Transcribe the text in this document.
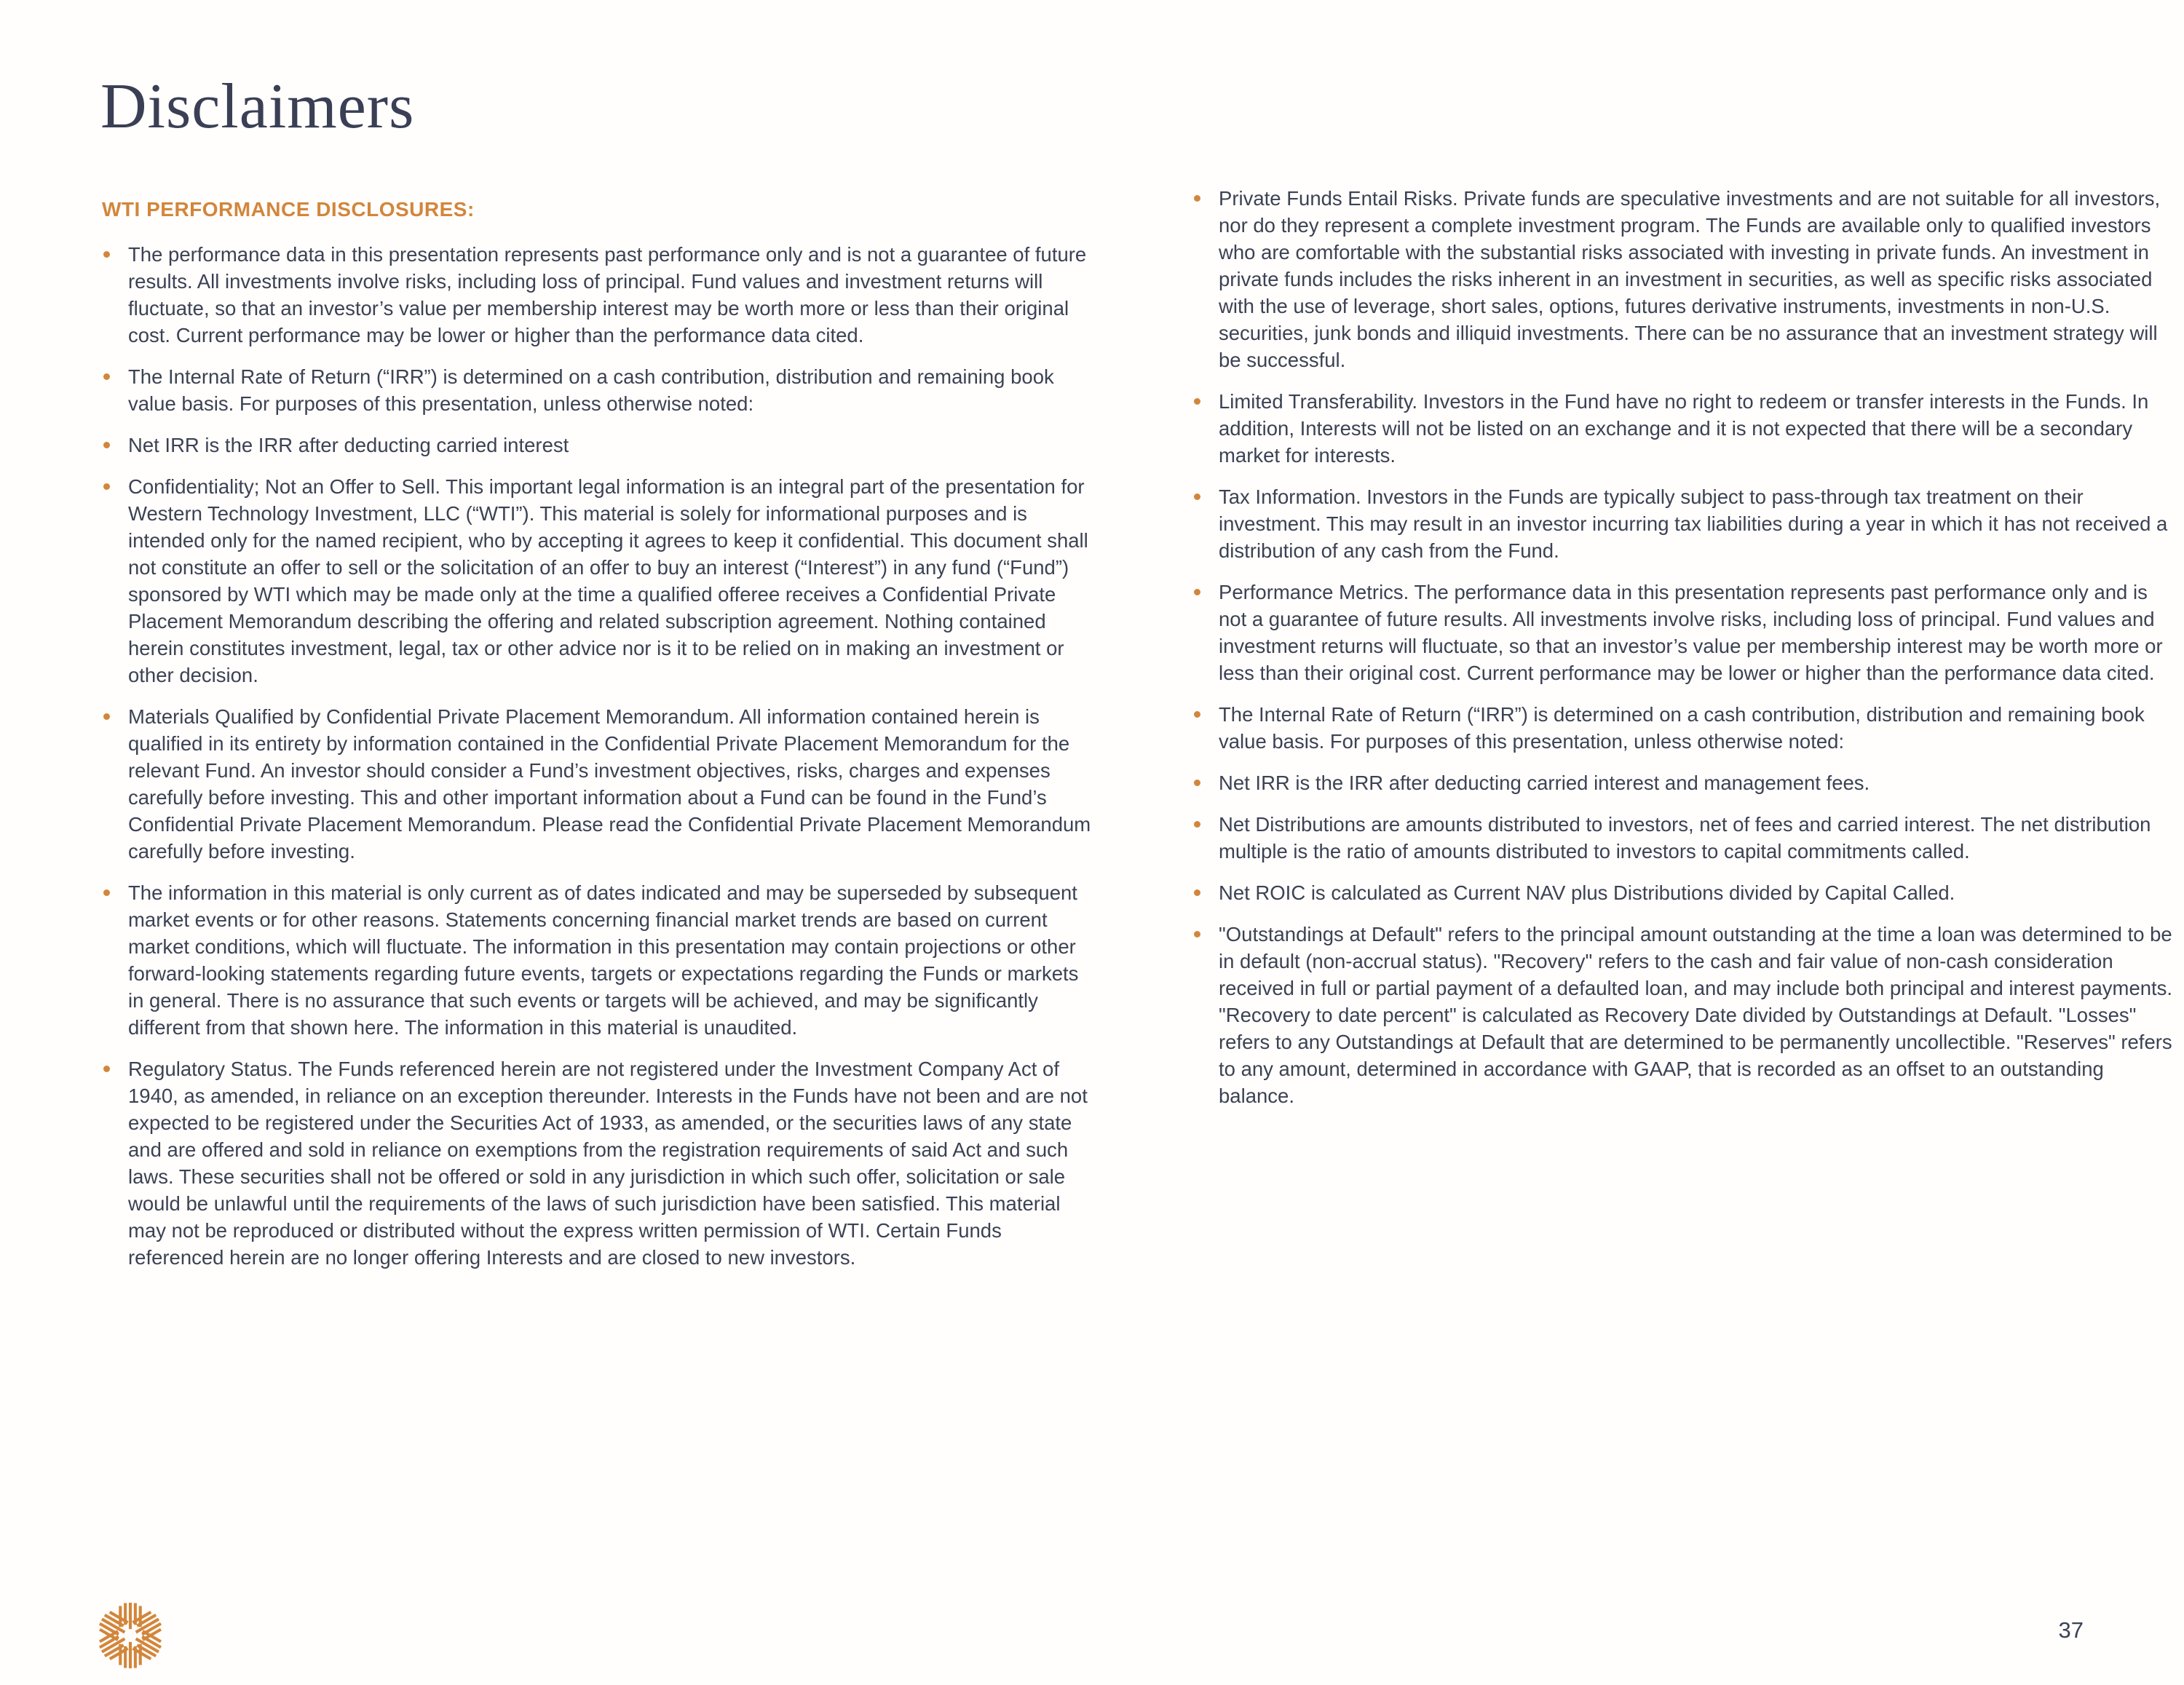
Disclaimers
WTI PERFORMANCE DISCLOSURES:
The performance data in this presentation represents past performance only and is not a guarantee of future results. All investments involve risks, including loss of principal. Fund values and investment returns will fluctuate, so that an investor’s value per membership interest may be worth more or less than their original cost. Current performance may be lower or higher than the performance data cited.
The Internal Rate of Return (“IRR”) is determined on a cash contribution, distribution and remaining book value basis. For purposes of this presentation, unless otherwise noted:
Net IRR is the IRR after deducting carried interest
Confidentiality; Not an Offer to Sell. This important legal information is an integral part of the presentation for Western Technology Investment, LLC (“WTI”). This material is solely for informational purposes and is intended only for the named recipient, who by accepting it agrees to keep it confidential. This document shall not constitute an offer to sell or the solicitation of an offer to buy an interest (“Interest”) in any fund (“Fund”) sponsored by WTI which may be made only at the time a qualified offeree receives a Confidential Private Placement Memorandum describing the offering and related subscription agreement. Nothing contained herein constitutes investment, legal, tax or other advice nor is it to be relied on in making an investment or other decision.
Materials Qualified by Confidential Private Placement Memorandum. All information contained herein is qualified in its entirety by information contained in the Confidential Private Placement Memorandum for the relevant Fund. An investor should consider a Fund’s investment objectives, risks, charges and expenses carefully before investing. This and other important information about a Fund can be found in the Fund’s Confidential Private Placement Memorandum. Please read the Confidential Private Placement Memorandum carefully before investing.
The information in this material is only current as of dates indicated and may be superseded by subsequent market events or for other reasons. Statements concerning financial market trends are based on current market conditions, which will fluctuate. The information in this presentation may contain projections or other forward-looking statements regarding future events, targets or expectations regarding the Funds or markets in general. There is no assurance that such events or targets will be achieved, and may be significantly different from that shown here. The information in this material is unaudited.
Regulatory Status. The Funds referenced herein are not registered under the Investment Company Act of 1940, as amended, in reliance on an exception thereunder. Interests in the Funds have not been and are not expected to be registered under the Securities Act of 1933, as amended, or the securities laws of any state and are offered and sold in reliance on exemptions from the registration requirements of said Act and such laws. These securities shall not be offered or sold in any jurisdiction in which such offer, solicitation or sale would be unlawful until the requirements of the laws of such jurisdiction have been satisfied. This material may not be reproduced or distributed without the express written permission of WTI. Certain Funds referenced herein are no longer offering Interests and are closed to new investors.
Private Funds Entail Risks. Private funds are speculative investments and are not suitable for all investors, nor do they represent a complete investment program. The Funds are available only to qualified investors who are comfortable with the substantial risks associated with investing in private funds. An investment in private funds includes the risks inherent in an investment in securities, as well as specific risks associated with the use of leverage, short sales, options, futures derivative instruments, investments in non-U.S. securities, junk bonds and illiquid investments. There can be no assurance that an investment strategy will be successful.
Limited Transferability. Investors in the Fund have no right to redeem or transfer interests in the Funds. In addition, Interests will not be listed on an exchange and it is not expected that there will be a secondary market for interests.
Tax Information. Investors in the Funds are typically subject to pass-through tax treatment on their investment. This may result in an investor incurring tax liabilities during a year in which it has not received a distribution of any cash from the Fund.
Performance Metrics. The performance data in this presentation represents past performance only and is not a guarantee of future results. All investments involve risks, including loss of principal. Fund values and investment returns will fluctuate, so that an investor’s value per membership interest may be worth more or less than their original cost. Current performance may be lower or higher than the performance data cited.
The Internal Rate of Return (“IRR”) is determined on a cash contribution, distribution and remaining book value basis. For purposes of this presentation, unless otherwise noted:
Net IRR is the IRR after deducting carried interest and management fees.
Net Distributions are amounts distributed to investors, net of fees and carried interest. The net distribution multiple is the ratio of amounts distributed to investors to capital commitments called.
Net ROIC is calculated as Current NAV plus Distributions divided by Capital Called.
"Outstandings at Default" refers to the principal amount outstanding at the time a loan was determined to be in default (non-accrual status). "Recovery" refers to the cash and fair value of non-cash consideration received in full or partial payment of a defaulted loan, and may include both principal and interest payments. "Recovery to date percent" is calculated as Recovery Date divided by Outstandings at Default. "Losses" refers to any Outstandings at Default that are determined to be permanently uncollectible. "Reserves" refers to any amount, determined in accordance with GAAP, that is recorded as an offset to an outstanding balance.
37
